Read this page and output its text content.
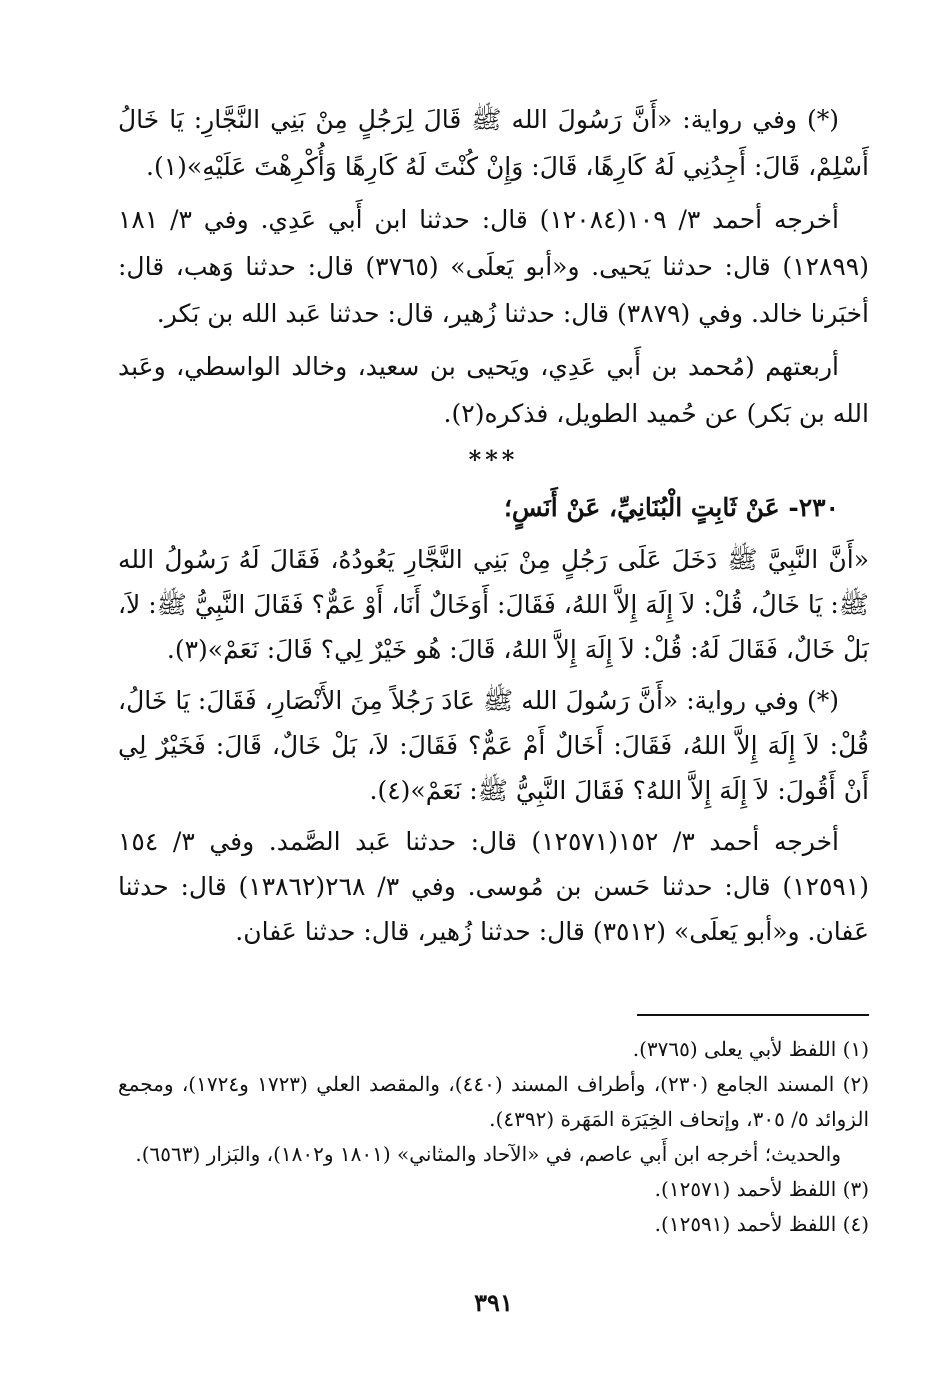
(*) وفي رواية: «أَنَّ رَسُولَ الله ﷺ قَالَ لِرَجُلٍ مِنْ بَنِي النَّجَّارِ: يَا خَالُ أَسْلِمْ، قَالَ: أَجِدُنِي لَهُ كَارِهًا، قَالَ: وَإِنْ كُنْتَ لَهُ كَارِهًا وَأُكْرِهْتَ عَلَيْهِ»(١).

أخرجه أحمد ٣/ ١٠٩(١٢٠٨٤) قال: حدثنا ابن أَبي عَدِي. وفي ٣/ ١٨١ (١٢٨٩٩) قال: حدثنا يَحيى. و«أبو يَعلَى» (٣٧٦٥) قال: حدثنا وَهب، قال: أخبَرنا خالد. وفي (٣٨٧٩) قال: حدثنا زُهير، قال: حدثنا عَبد الله بن بَكر.

أربعتهم (مُحمد بن أَبي عَدِي، ويَحيى بن سعيد، وخالد الواسطي، وعَبد الله بن بَكر) عن حُميد الطويل، فذكره(٢).

***

٢٣٠- عَنْ ثَابِتٍ الْبُنَانِيِّ، عَنْ أَنَسٍ؛

«أَنَّ النَّبِيَّ ﷺ دَخَلَ عَلَى رَجُلٍ مِنْ بَنِي النَّجَّارِ يَعُودُهُ، فَقَالَ لَهُ رَسُولُ الله ﷺ: يَا خَالُ، قُلْ: لاَ إِلَهَ إِلاَّ اللهُ، فَقَالَ: أَوَخَالٌ أَنَا، أَوْ عَمٌّ؟ فَقَالَ النَّبِيُّ ﷺ: لاَ، بَلْ خَالٌ، فَقَالَ لَهُ: قُلْ: لاَ إِلَهَ إِلاَّ اللهُ، قَالَ: هُو خَيْرٌ لِي؟ قَالَ: نَعَمْ»(٣).

(*) وفي رواية: «أَنَّ رَسُولَ الله ﷺ عَادَ رَجُلاً مِنَ الأَنْصَارِ، فَقَالَ: يَا خَالُ، قُلْ: لاَ إِلَهَ إِلاَّ اللهُ، فَقَالَ: أَخَالٌ أَمْ عَمٌّ؟ فَقَالَ: لاَ، بَلْ خَالٌ، قَالَ: فَخَيْرٌ لِي أَنْ أَقُولَ: لاَ إِلَهَ إِلاَّ اللهُ؟ فَقَالَ النَّبِيُّ ﷺ: نَعَمْ»(٤).

أخرجه أحمد ٣/ ١٥٢(١٢٥٧١) قال: حدثنا عَبد الصَّمد. وفي ٣/ ١٥٤ (١٢٥٩١) قال: حدثنا حَسن بن مُوسى. وفي ٣/ ٢٦٨(١٣٨٦٢) قال: حدثنا عَفان. و«أبو يَعلَى» (٣٥١٢) قال: حدثنا زُهير، قال: حدثنا عَفان.

(١) اللفظ لأبي يعلى (٣٧٦٥).

(٢) المسند الجامع (٢٣٠)، وأطراف المسند (٤٤٠)، والمقصد العلي (١٧٢٣ و١٧٢٤)، ومجمع الزوائد ٥/ ٣٠٥، وإتحاف الخِيَرَة المَهَرة (٤٣٩٢).

والحديث؛ أخرجه ابن أَبي عاصم، في «الآحاد والمثاني» (١٨٠١ و١٨٠٢)، والبَزار (٦٥٦٣).

(٣) اللفظ لأحمد (١٢٥٧١).

(٤) اللفظ لأحمد (١٢٥٩١).

٣٩١
